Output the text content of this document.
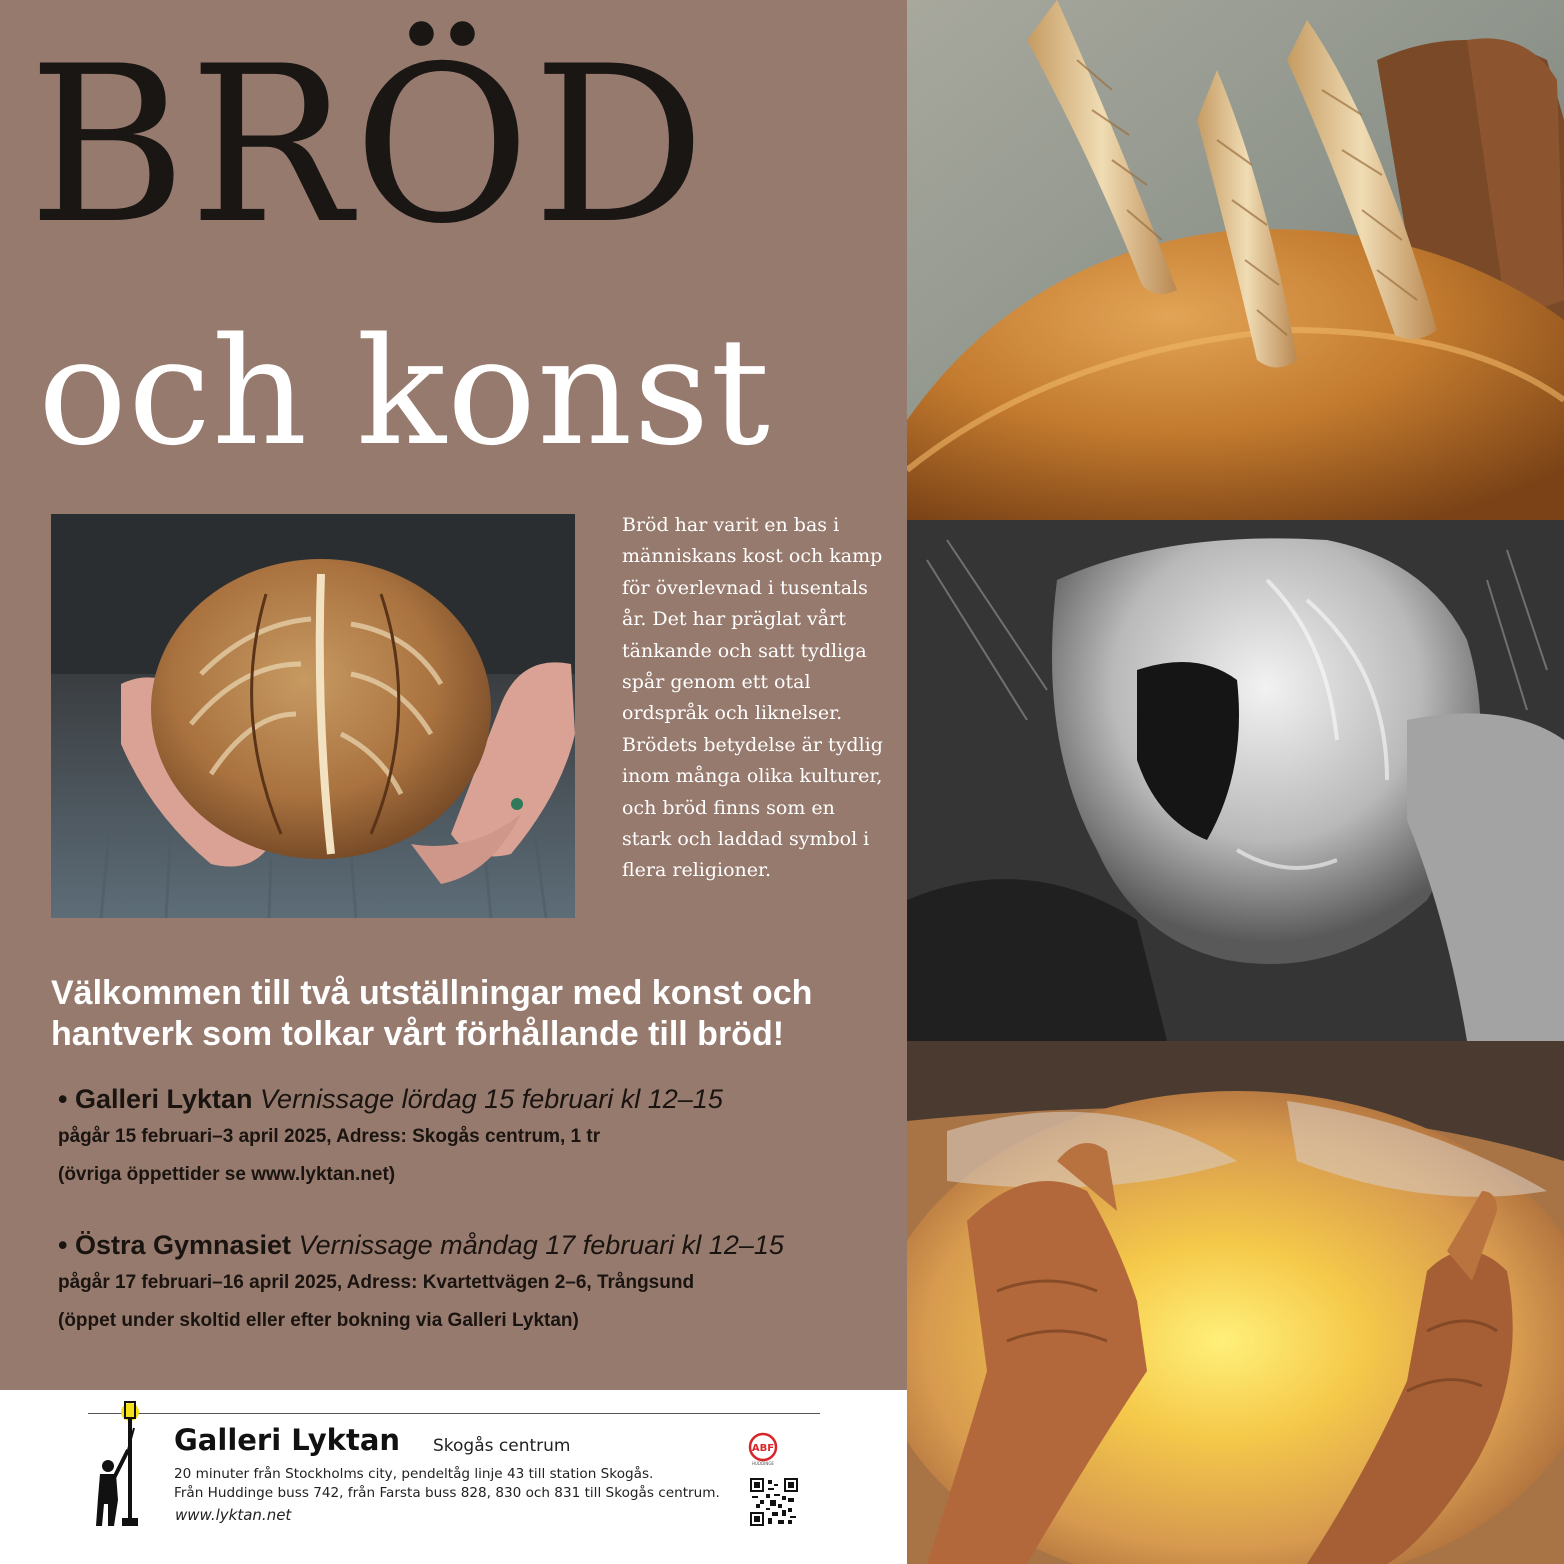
BRÖD
och konst

Bröd har varit en bas i människans kost och kamp för överlevnad i tusentals år. Det har präglat vårt tänkande och satt tydliga spår genom ett otal ordspråk och liknelser. Brödets betydelse är tydlig inom många olika kulturer, och bröd finns som en stark och laddad symbol i flera religioner.

Välkommen till två utställningar med konst och hantverk som tolkar vårt förhållande till bröd!

• Galleri Lyktan Vernissage lördag 15 februari kl 12–15

pågår 15 februari–3 april 2025, Adress: Skogås centrum, 1 tr

(övriga öppettider se www.lyktan.net)

• Östra Gymnasiet Vernissage måndag 17 februari kl 12–15

pågår 17 februari–16 april 2025, Adress: Kvartettvägen 2–6, Trångsund

(öppet under skoltid eller efter bokning via Galleri Lyktan)

Galleri Lyktan Skogås centrum

20 minuter från Stockholms city, pendeltåg linje 43 till station Skogås.
Från Huddinge buss 742, från Farsta buss 828, 830 och 831 till Skogås centrum.

www.lyktan.net

ABF
HUDDINGE
